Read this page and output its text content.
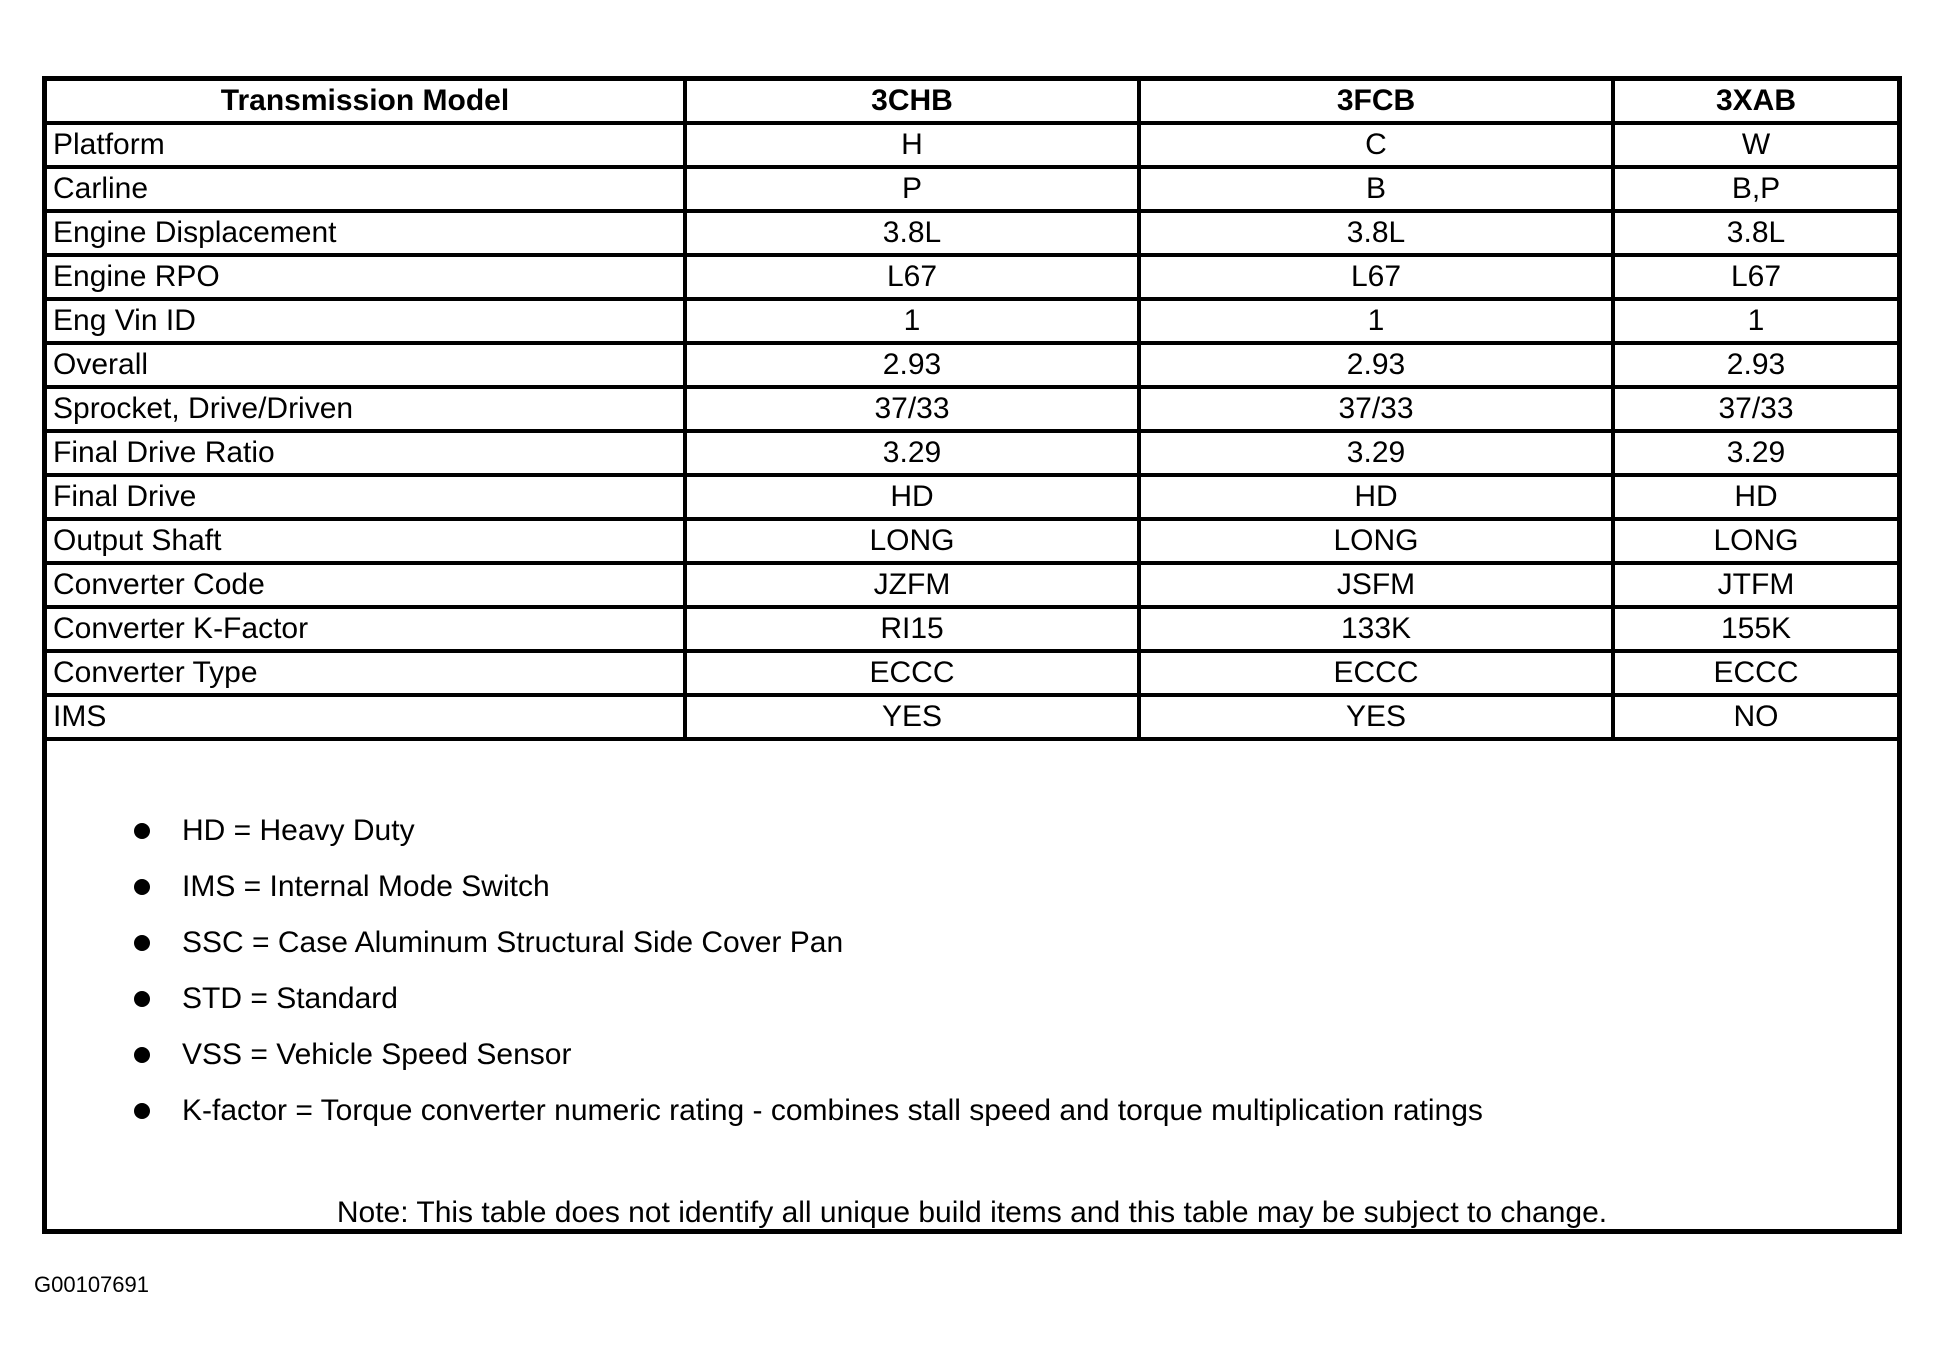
Transmission Model	3CHB	3FCB	3XAB
Platform	H	C	W
Carline	P	B	B,P
Engine Displacement	3.8L	3.8L	3.8L
Engine RPO	L67	L67	L67
Eng Vin ID	1	1	1
Overall	2.93	2.93	2.93
Sprocket, Drive/Driven	37/33	37/33	37/33
Final Drive Ratio	3.29	3.29	3.29
Final Drive	HD	HD	HD
Output Shaft	LONG	LONG	LONG
Converter Code	JZFM	JSFM	JTFM
Converter K-Factor	RI15	133K	155K
Converter Type	ECCC	ECCC	ECCC
IMS	YES	YES	NO
HD = Heavy Duty
IMS = Internal Mode Switch
SSC = Case Aluminum Structural Side Cover Pan
STD = Standard
VSS = Vehicle Speed Sensor
K-factor = Torque converter numeric rating - combines stall speed and torque multiplication ratings
Note: This table does not identify all unique build items and this table may be subject to change.
G00107691
